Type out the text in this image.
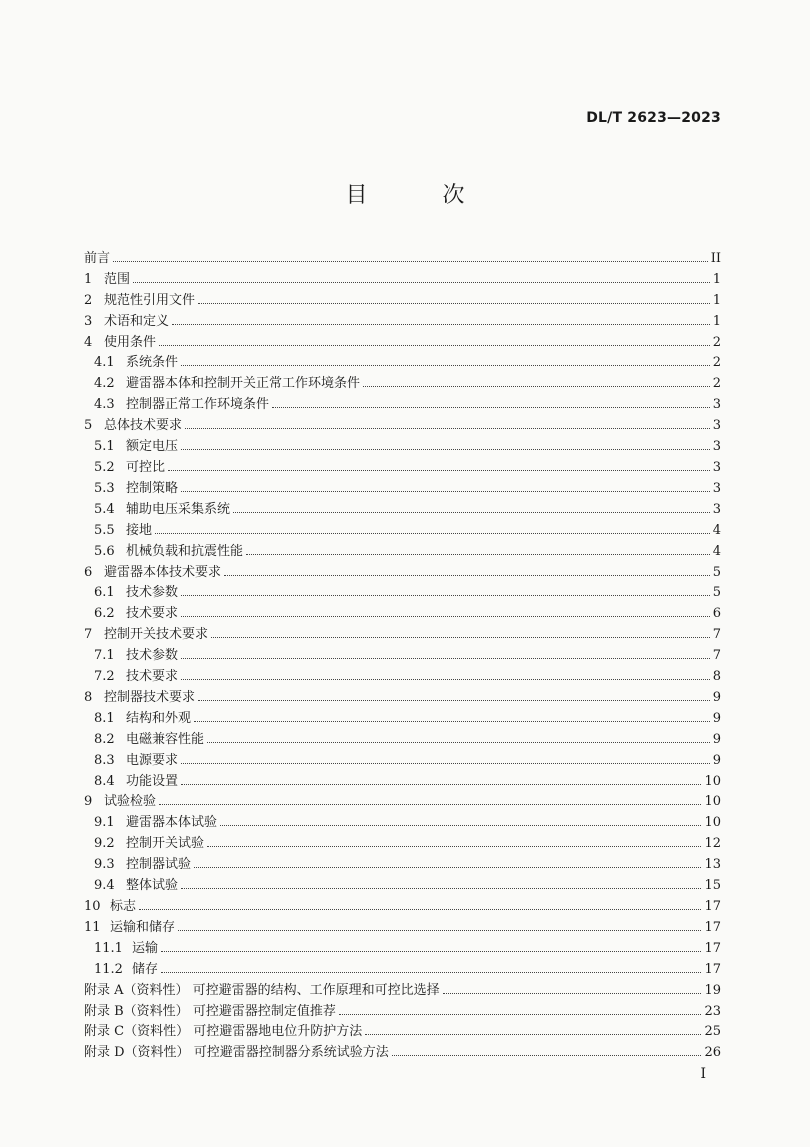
DL/T 2623—2023
目 次
前言	II
1 范围	1
2 规范性引用文件	1
3 术语和定义	1
4 使用条件	2
4.1 系统条件	2
4.2 避雷器本体和控制开关正常工作环境条件	2
4.3 控制器正常工作环境条件	3
5 总体技术要求	3
5.1 额定电压	3
5.2 可控比	3
5.3 控制策略	3
5.4 辅助电压采集系统	3
5.5 接地	4
5.6 机械负载和抗震性能	4
6 避雷器本体技术要求	5
6.1 技术参数	5
6.2 技术要求	6
7 控制开关技术要求	7
7.1 技术参数	7
7.2 技术要求	8
8 控制器技术要求	9
8.1 结构和外观	9
8.2 电磁兼容性能	9
8.3 电源要求	9
8.4 功能设置	10
9 试验检验	10
9.1 避雷器本体试验	10
9.2 控制开关试验	12
9.3 控制器试验	13
9.4 整体试验	15
10 标志	17
11 运输和储存	17
11.1 运输	17
11.2 储存	17
附录 A（资料性） 可控避雷器的结构、工作原理和可控比选择	19
附录 B（资料性） 可控避雷器控制定值推荐	23
附录 C（资料性） 可控避雷器地电位升防护方法	25
附录 D（资料性） 可控避雷器控制器分系统试验方法	26
I
